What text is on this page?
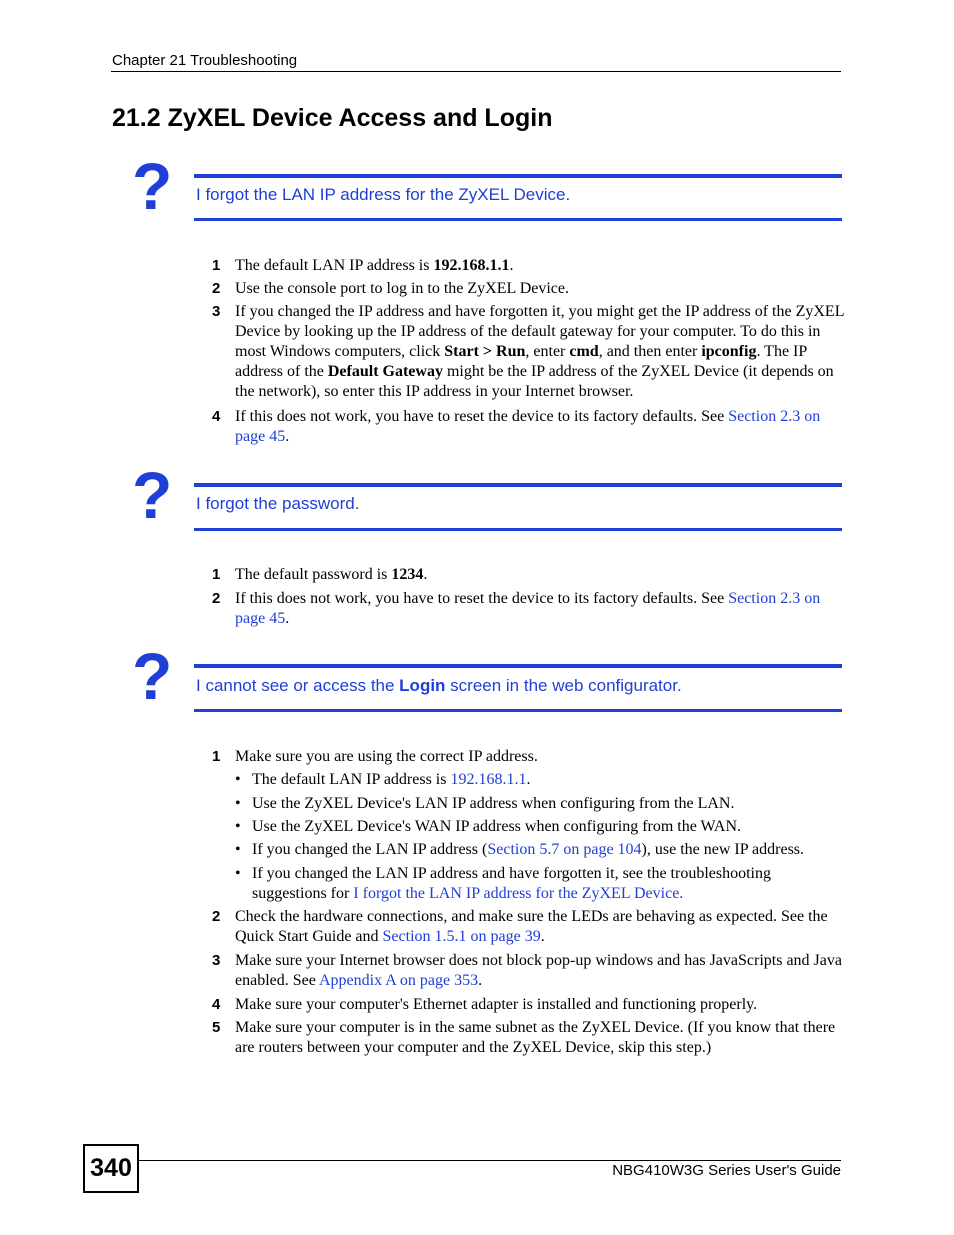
Chapter 21 Troubleshooting
21.2 ZyXEL Device Access and Login
? I forgot the LAN IP address for the ZyXEL Device.
1 The default LAN IP address is 192.168.1.1.
2 Use the console port to log in to the ZyXEL Device.
3 If you changed the IP address and have forgotten it, you might get the IP address of the ZyXEL Device by looking up the IP address of the default gateway for your computer. To do this in most Windows computers, click Start > Run, enter cmd, and then enter ipconfig. The IP address of the Default Gateway might be the IP address of the ZyXEL Device (it depends on the network), so enter this IP address in your Internet browser.
4 If this does not work, you have to reset the device to its factory defaults. See Section 2.3 on page 45.
? I forgot the password.
1 The default password is 1234.
2 If this does not work, you have to reset the device to its factory defaults. See Section 2.3 on page 45.
? I cannot see or access the Login screen in the web configurator.
1 Make sure you are using the correct IP address.
• The default LAN IP address is 192.168.1.1.
• Use the ZyXEL Device's LAN IP address when configuring from the LAN.
• Use the ZyXEL Device's WAN IP address when configuring from the WAN.
• If you changed the LAN IP address (Section 5.7 on page 104), use the new IP address.
• If you changed the LAN IP address and have forgotten it, see the troubleshooting suggestions for I forgot the LAN IP address for the ZyXEL Device.
2 Check the hardware connections, and make sure the LEDs are behaving as expected. See the Quick Start Guide and Section 1.5.1 on page 39.
3 Make sure your Internet browser does not block pop-up windows and has JavaScripts and Java enabled. See Appendix A on page 353.
4 Make sure your computer's Ethernet adapter is installed and functioning properly.
5 Make sure your computer is in the same subnet as the ZyXEL Device. (If you know that there are routers between your computer and the ZyXEL Device, skip this step.)
340	NBG410W3G Series User's Guide
